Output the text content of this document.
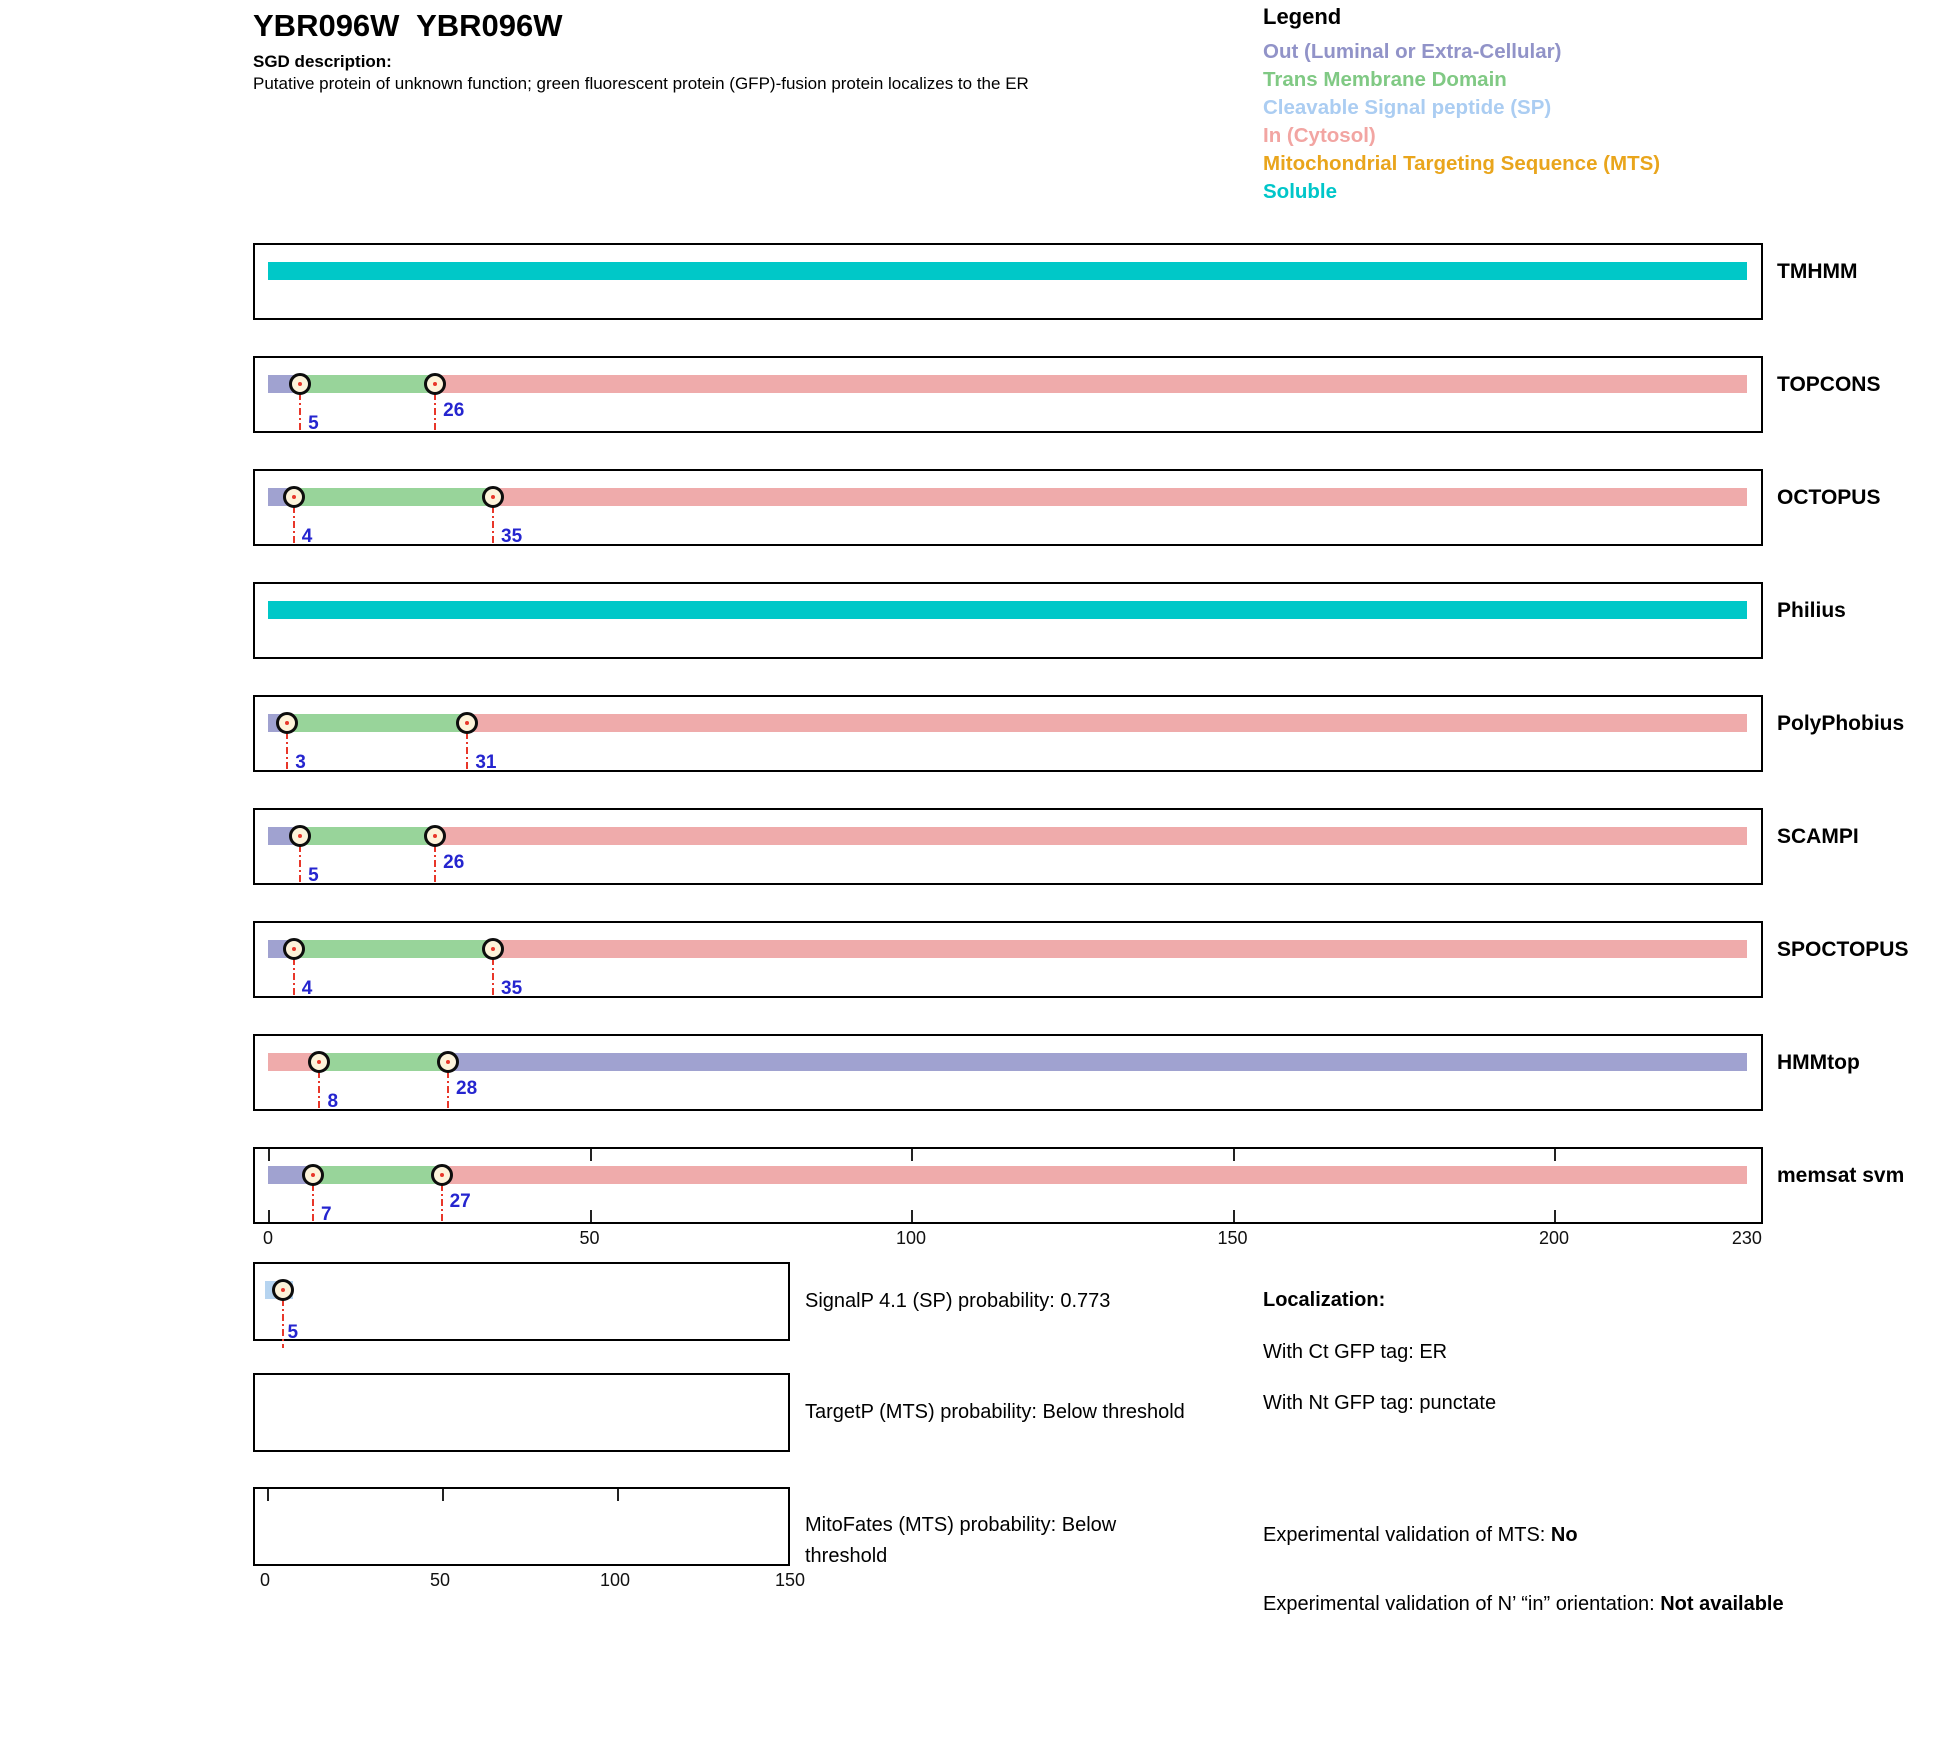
YBR096W  YBR096W
SGD description:
Putative protein of unknown function; green fluorescent protein (GFP)-fusion protein localizes to the ER
Legend
Out (Luminal or Extra-Cellular)
Trans Membrane Domain
Cleavable Signal peptide (SP)
In (Cytosol)
Mitochondrial Targeting Sequence (MTS)
Soluble
TMHMM
5
26
TOPCONS
4	35
OCTOPUS
Philius
3	31
PolyPhobius
5
26
SCAMPI
4	35
SPOCTOPUS
8
28
HMMtop
7
27
memsat svm
0	50	100	150	200	230
5
SignalP 4.1 (SP) probability: 0.773
TargetP (MTS) probability: Below threshold
MitoFates (MTS) probability: Below threshold
0	50	100	150
Localization:
With Ct GFP tag: ER
With Nt GFP tag: punctate
Experimental validation of MTS: No
Experimental validation of N’ “in” orientation: Not available
